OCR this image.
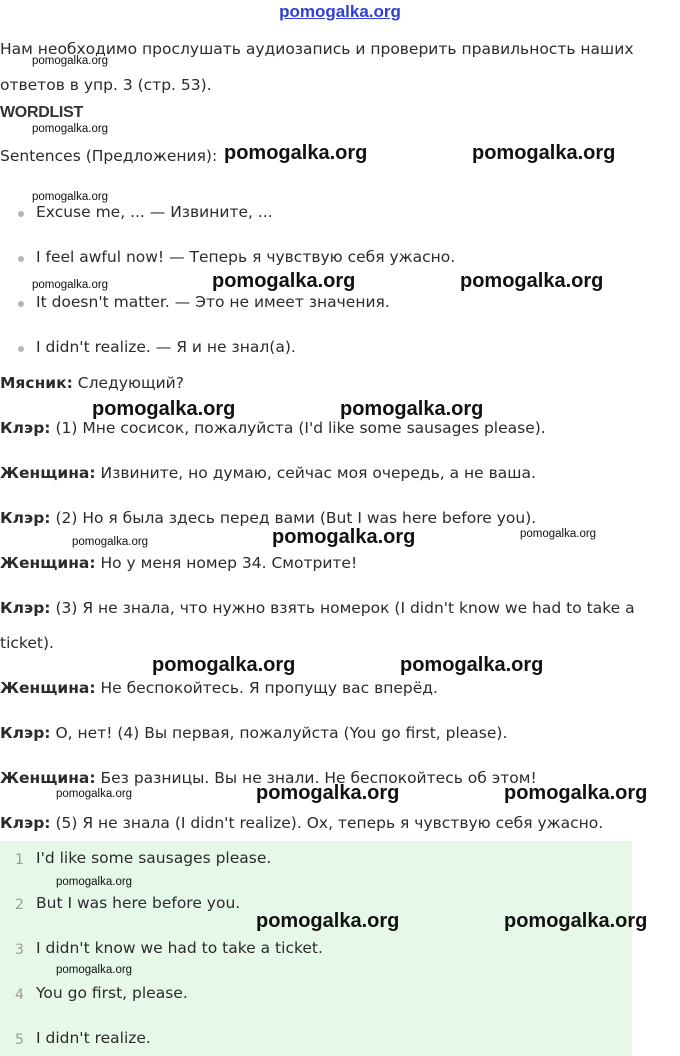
pomogalka.org
Нам необходимо прослушать аудиозапись и проверить правильность наших ответов в упр. 3 (стр. 53).
WORDLIST
Sentences (Предложения):
Excuse me, ... — Извините, ...
I feel awful now! — Теперь я чувствую себя ужасно.
It doesn't matter. — Это не имеет значения.
I didn't realize. — Я и не знал(а).
Мясник: Следующий?
Клэр: (1) Мне сосисок, пожалуйста (I'd like some sausages please).
Женщина: Извините, но думаю, сейчас моя очередь, а не ваша.
Клэр: (2) Но я была здесь перед вами (But I was here before you).
Женщина: Но у меня номер 34. Смотрите!
Клэр: (3) Я не знала, что нужно взять номерок (I didn't know we had to take a
ticket).
Женщина: Не беспокойтесь. Я пропущу вас вперёд.
Клэр: О, нет! (4) Вы первая, пожалуйста (You go first, please).
Женщина: Без разницы. Вы не знали. Не беспокойтесь об этом!
Клэр: (5) Я не знала (I didn't realize). Ох, теперь я чувствую себя ужасно.
1 I'd like some sausages please.
2 But I was here before you.
3 I didn't know we had to take a ticket.
4 You go first, please.
5 I didn't realize.
pomogalka.org
pomogalka.org
pomogalka.org	pomogalka.org
pomogalka.org
pomogalka.org	pomogalka.org	pomogalka.org
pomogalka.org	pomogalka.org
pomogalka.org	pomogalka.org	pomogalka.org
pomogalka.org	pomogalka.org
pomogalka.org	pomogalka.org	pomogalka.org
pomogalka.org
pomogalka.org	pomogalka.org
pomogalka.org
